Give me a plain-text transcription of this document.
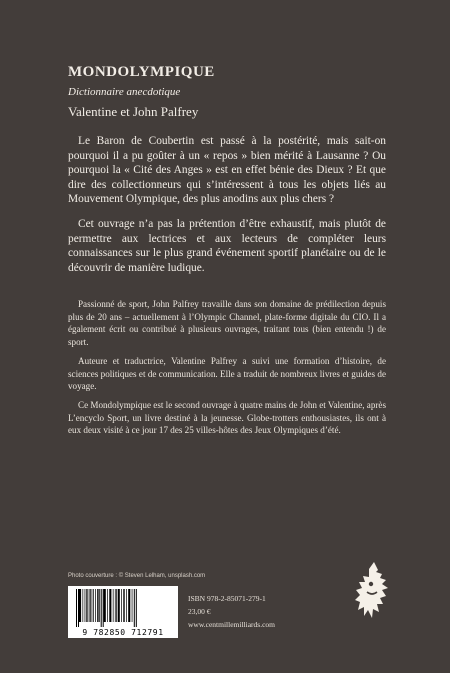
MONDOLYMPIQUE
Dictionnaire anecdotique
Valentine et John Palfrey

Le Baron de Coubertin est passé à la postérité, mais sait-on pourquoi il a pu goûter à un « repos » bien mérité à Lausanne ? Ou pourquoi la « Cité des Anges » est en effet bénie des Dieux ? Et que dire des collectionneurs qui s’intéressent à tous les objets liés au Mouvement Olympique, des plus anodins aux plus chers ?

Cet ouvrage n’a pas la prétention d’être exhaustif, mais plutôt de permettre aux lectrices et aux lecteurs de compléter leurs connaissances sur le plus grand événement sportif planétaire ou de le découvrir de manière ludique.

Passionné de sport, John Palfrey travaille dans son domaine de prédilection depuis plus de 20 ans – actuellement à l’Olympic Channel, plate-forme digitale du CIO. Il a également écrit ou contribué à plusieurs ouvrages, traitant tous (bien entendu !) de sport.

Auteure et traductrice, Valentine Palfrey a suivi une formation d’histoire, de sciences politiques et de communication. Elle a traduit de nombreux livres et guides de voyage.

Ce Mondolympique est le second ouvrage à quatre mains de John et Valentine, après L’encyclo Sport, un livre destiné à la jeunesse. Globe-trotters enthousiastes, ils ont à eux deux visité à ce jour 17 des 25 villes-hôtes des Jeux Olympiques d’été.

Photo couverture : © Steven Lelham, unsplash.com
9 782850 712791
ISBN 978-2-85071-279-1
23,00 €
www.centmillemilliards.com
